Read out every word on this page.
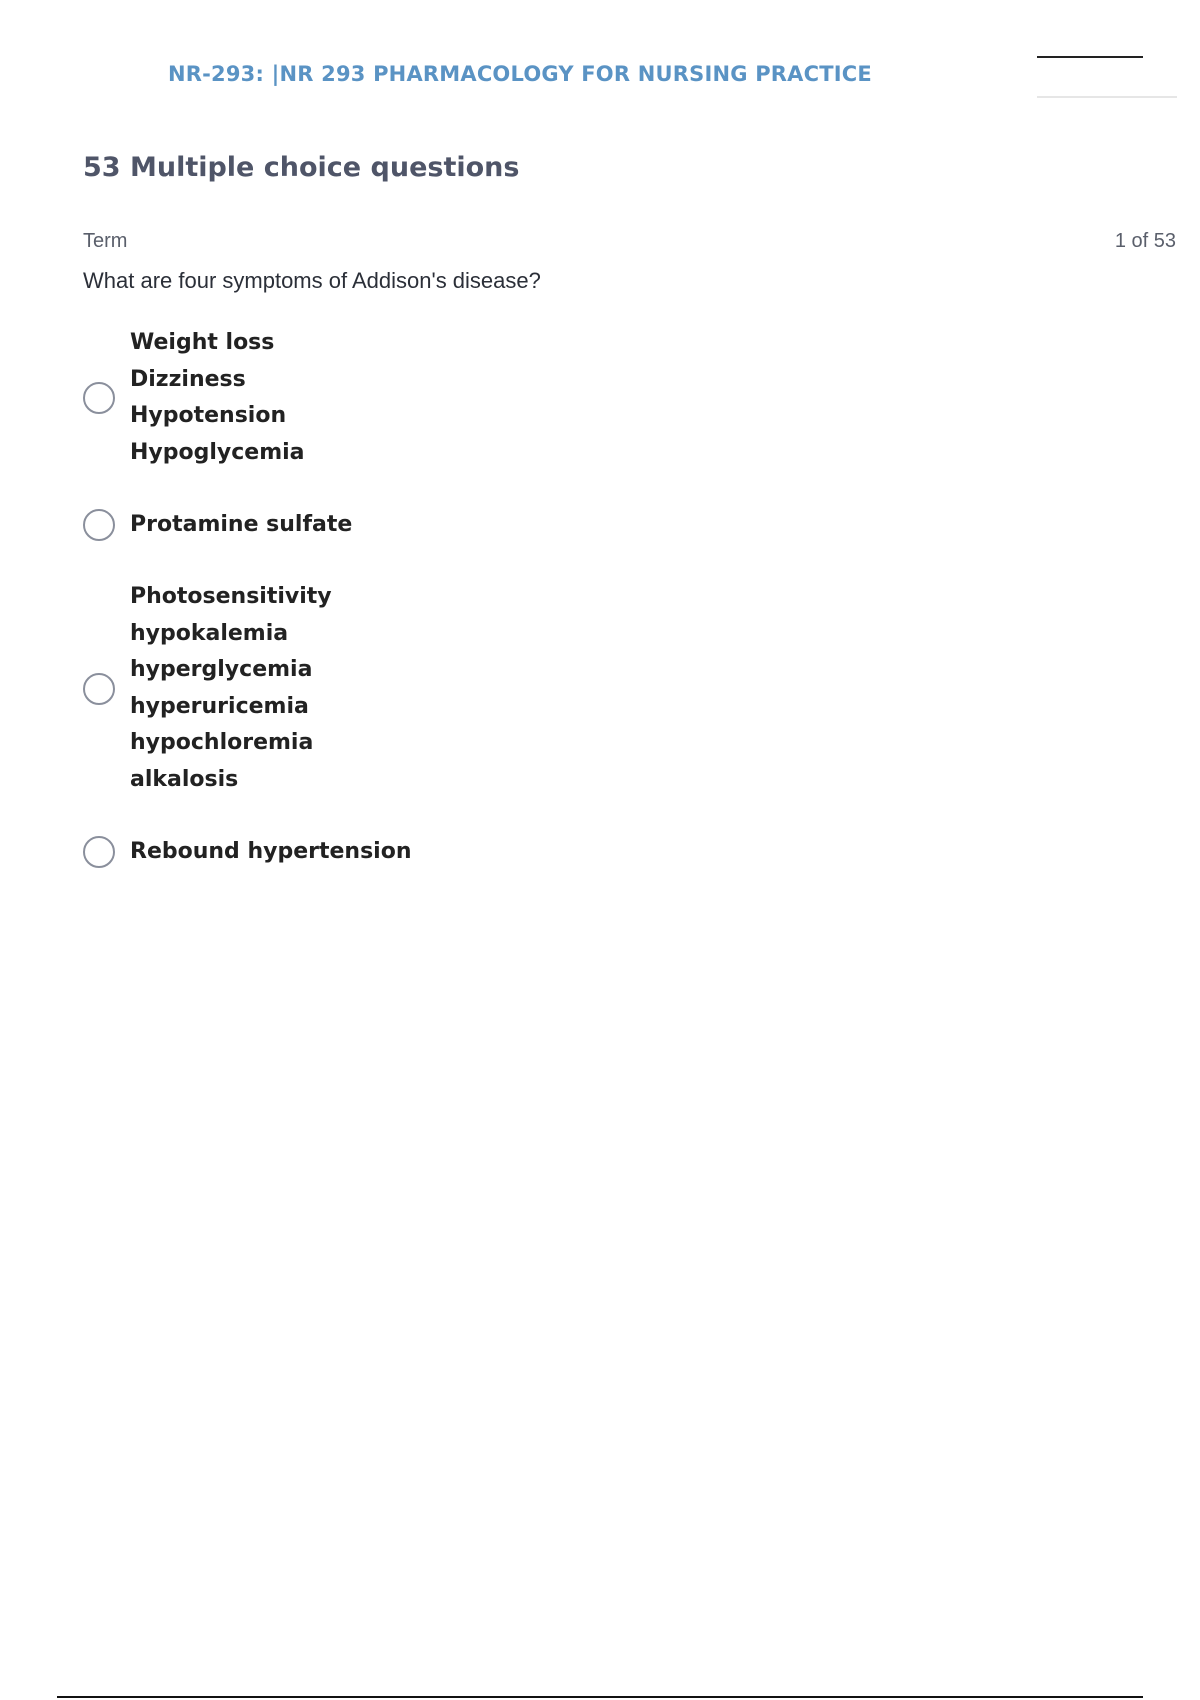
NR-293: |NR 293 PHARMACOLOGY FOR NURSING PRACTICE
53 Multiple choice questions
Term	1 of 53
What are four symptoms of Addison's disease?
Weight loss
Dizziness
Hypotension
Hypoglycemia
Protamine sulfate
Photosensitivity
hypokalemia
hyperglycemia
hyperuricemia
hypochloremia
alkalosis
Rebound hypertension
